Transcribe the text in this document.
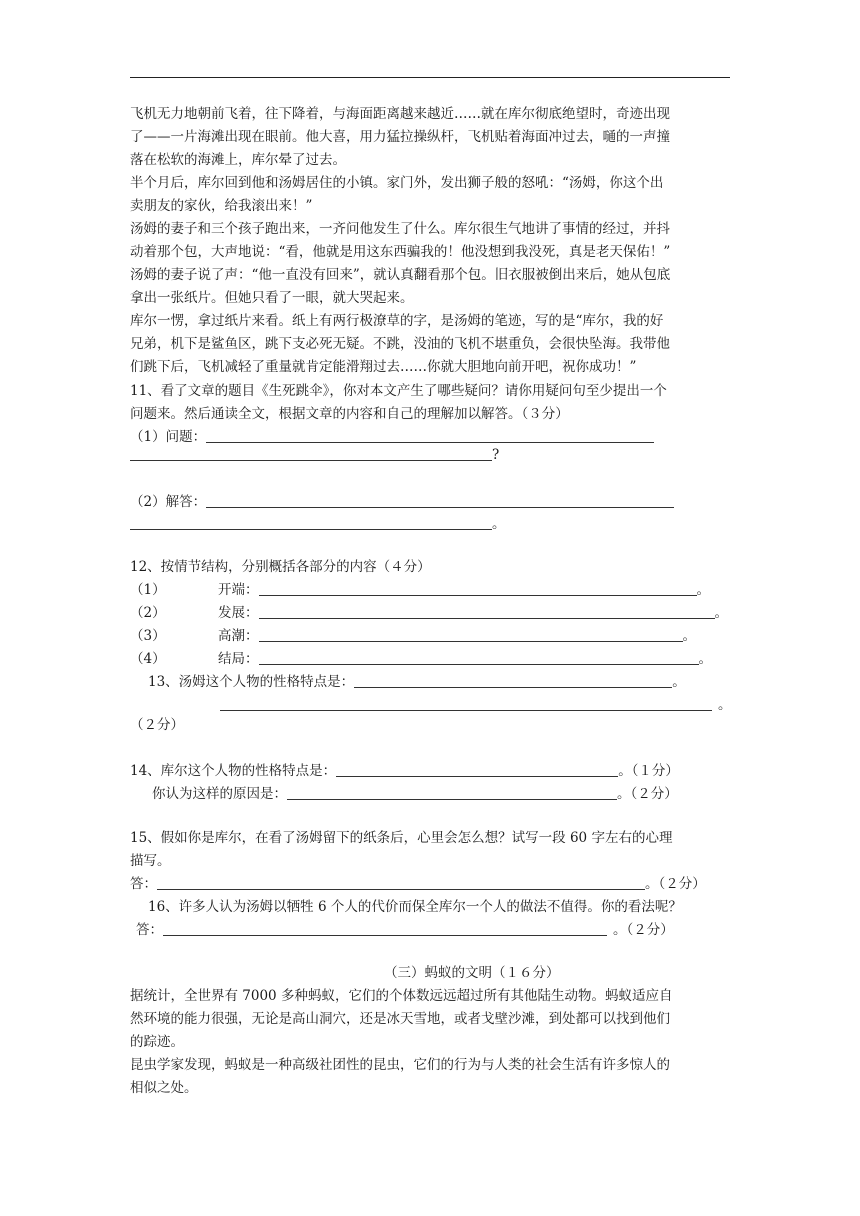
飞机无力地朝前飞着，往下降着，与海面距离越来越近……就在库尔彻底绝望时，奇迹出现
了——一片海滩出现在眼前。他大喜，用力猛拉操纵杆，飞机贴着海面冲过去，嗵的一声撞
落在松软的海滩上，库尔晕了过去。
半个月后，库尔回到他和汤姆居住的小镇。家门外，发出狮子般的怒吼：“汤姆，你这个出
卖朋友的家伙，给我滚出来！”
汤姆的妻子和三个孩子跑出来，一齐问他发生了什么。库尔很生气地讲了事情的经过，并抖
动着那个包，大声地说：“看，他就是用这东西骗我的！他没想到我没死，真是老天保佑！”
汤姆的妻子说了声：“他一直没有回来”，就认真翻看那个包。旧衣服被倒出来后，她从包底
拿出一张纸片。但她只看了一眼，就大哭起来。
库尔一愣，拿过纸片来看。纸上有两行极潦草的字，是汤姆的笔迹，写的是“库尔，我的好
兄弟，机下是鲨鱼区，跳下支必死无疑。不跳，没油的飞机不堪重负，会很快坠海。我带他
们跳下后，飞机减轻了重量就肯定能滑翔过去……你就大胆地向前开吧，祝你成功！”
11、看了文章的题目《生死跳伞》，你对本文产生了哪些疑问？请你用疑问句至少提出一个
问题来。然后通读全文，根据文章的内容和自己的理解加以解答。（３分）
（1）问题：
?
（2）解答：
。
12、按情节结构，分别概括各部分的内容（４分）
（1）	开端：	。
（2）	发展：	。
（3）	高潮：	。
（4）	结局：	。
13、汤姆这个人物的性格特点是：	。
。
（２分）
14、库尔这个人物的性格特点是：	。（１分）
你认为这样的原因是：	。（２分）
15、假如你是库尔，在看了汤姆留下的纸条后，心里会怎么想？试写一段 60 字左右的心理
描写。
答：	。（２分）
16、许多人认为汤姆以牺牲 6 个人的代价而保全库尔一个人的做法不值得。你的看法呢？
答：	。（２分）
（三）蚂蚁的文明（１６分）
据统计，全世界有 7000 多种蚂蚁，它们的个体数远远超过所有其他陆生动物。蚂蚁适应自
然环境的能力很强，无论是高山洞穴，还是冰天雪地，或者戈壁沙滩，到处都可以找到他们
的踪迹。
昆虫学家发现，蚂蚁是一种高级社团性的昆虫，它们的行为与人类的社会生活有许多惊人的
相似之处。
